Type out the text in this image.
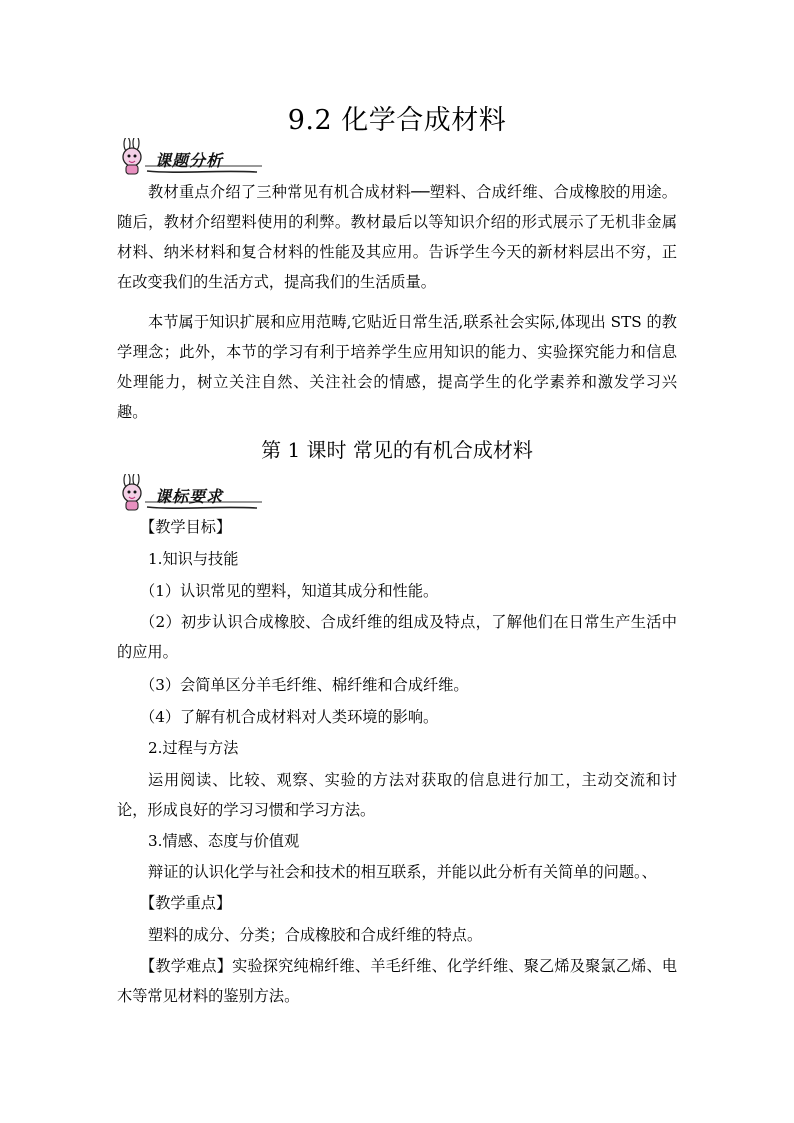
9.2 化学合成材料
课题分析
教材重点介绍了三种常见有机合成材料──塑料、合成纤维、合成橡胶的用途。随后，教材介绍塑料使用的利弊。教材最后以等知识介绍的形式展示了无机非金属材料、纳米材料和复合材料的性能及其应用。告诉学生今天的新材料层出不穷，正在改变我们的生活方式，提高我们的生活质量。
本节属于知识扩展和应用范畴,它贴近日常生活,联系社会实际,体现出 STS 的教学理念；此外，本节的学习有利于培养学生应用知识的能力、实验探究能力和信息处理能力，树立关注自然、关注社会的情感，提高学生的化学素养和激发学习兴趣。
第 1 课时 常见的有机合成材料
课标要求
【教学目标】
1.知识与技能
（1）认识常见的塑料，知道其成分和性能。
（2）初步认识合成橡胶、合成纤维的组成及特点，了解他们在日常生产生活中的应用。
（3）会简单区分羊毛纤维、棉纤维和合成纤维。
（4）了解有机合成材料对人类环境的影响。
2.过程与方法
运用阅读、比较、观察、实验的方法对获取的信息进行加工，主动交流和讨论，形成良好的学习习惯和学习方法。
3.情感、态度与价值观
辩证的认识化学与社会和技术的相互联系，并能以此分析有关简单的问题。、
【教学重点】
塑料的成分、分类；合成橡胶和合成纤维的特点。
【教学难点】实验探究纯棉纤维、羊毛纤维、化学纤维、聚乙烯及聚氯乙烯、电木等常见材料的鉴别方法。
